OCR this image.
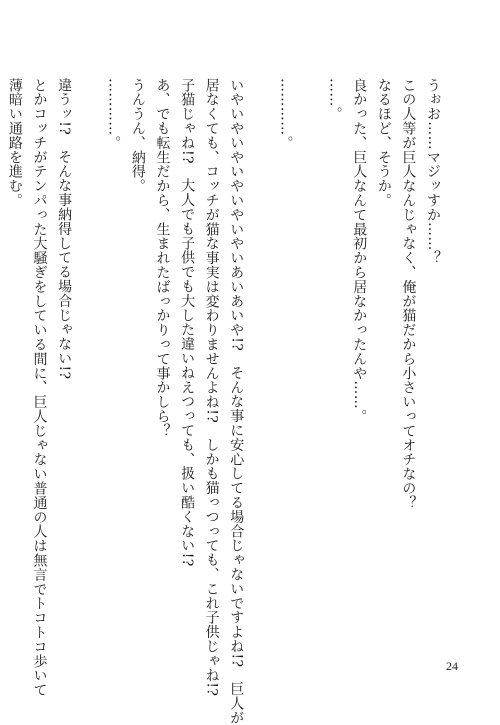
うぉお……マジッすか……？
この人等が巨人なんじゃなく、俺が猫だから小さいってオチなの？
なるほど、そうか。
良かった、巨人なんて最初から居なかったんや……。
……。
…………。
いやいやいやいやいやいやいあいあいや!?　そんな事に安心してる場合じゃないですよね!?　巨人が
居なくても、コッチが猫な事実は変わりませんよね!?　しかも猫っつっても、これ子供じゃね!?
子猫じゃね!?　大人でも子供でも大した違いねえつっても、扱い酷くない!?
あ、でも転生だから、生まれたばっかりって事かしら？
うんうん、納得。
…………。
違うッ!?　そんな事納得してる場合じゃない!?
とかコッチがテンパった大騒ぎをしている間に、巨人じゃない普通の人は無言でトコトコ歩いて
薄暗い通路を進む。
24
